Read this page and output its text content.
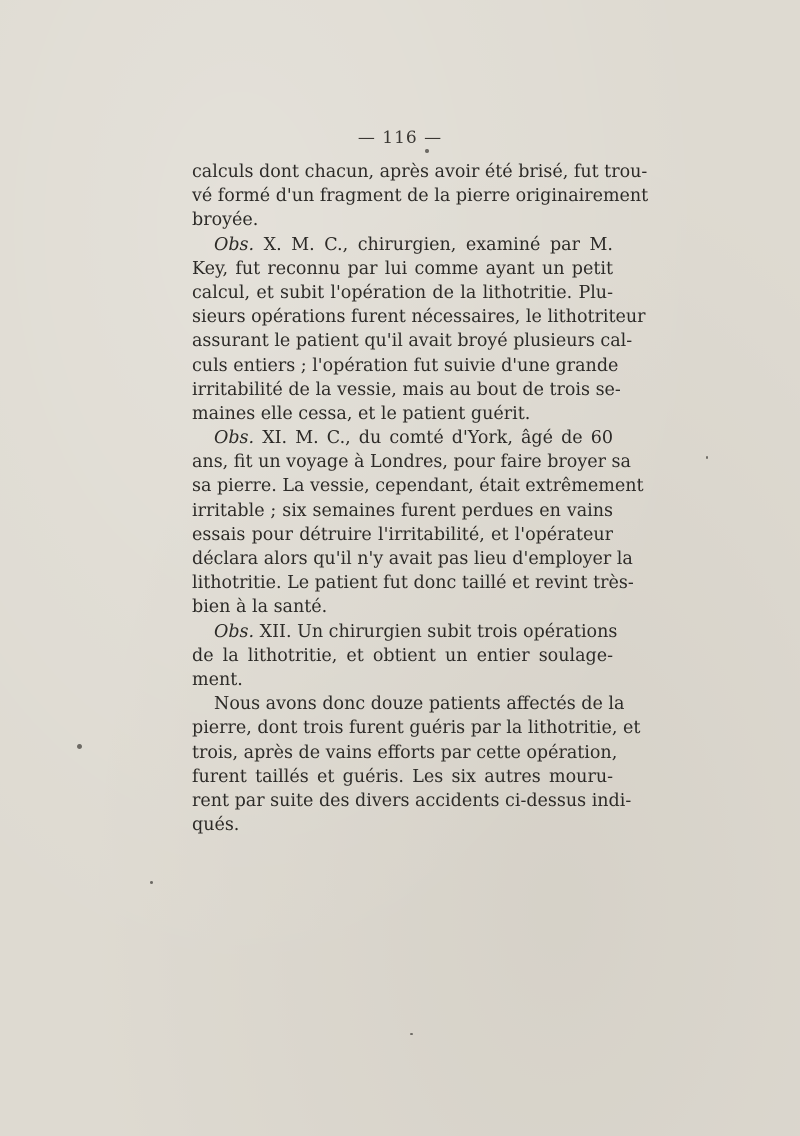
— 116 —
calculs dont chacun, après avoir été brisé, fut trou-
vé formé d'un fragment de la pierre originairement
broyée.
Obs. X. M. C., chirurgien, examiné par M.
Key, fut reconnu par lui comme ayant un petit
calcul, et subit l'opération de la lithotritie. Plu-
sieurs opérations furent nécessaires, le lithotriteur
assurant le patient qu'il avait broyé plusieurs cal-
culs entiers ; l'opération fut suivie d'une grande
irritabilité de la vessie, mais au bout de trois se-
maines elle cessa, et le patient guérit.
Obs. XI. M. C., du comté d'York, âgé de 60
ans, fit un voyage à Londres, pour faire broyer sa
sa pierre. La vessie, cependant, était extrêmement
irritable ; six semaines furent perdues en vains
essais pour détruire l'irritabilité, et l'opérateur
déclara alors qu'il n'y avait pas lieu d'employer la
lithotritie. Le patient fut donc taillé et revint très-
bien à la santé.
Obs. XII. Un chirurgien subit trois opérations
de la lithotritie, et obtient un entier soulage-
ment.
Nous avons donc douze patients affectés de la
pierre, dont trois furent guéris par la lithotritie, et
trois, après de vains efforts par cette opération,
furent taillés et guéris. Les six autres mouru-
rent par suite des divers accidents ci-dessus indi-
qués.
